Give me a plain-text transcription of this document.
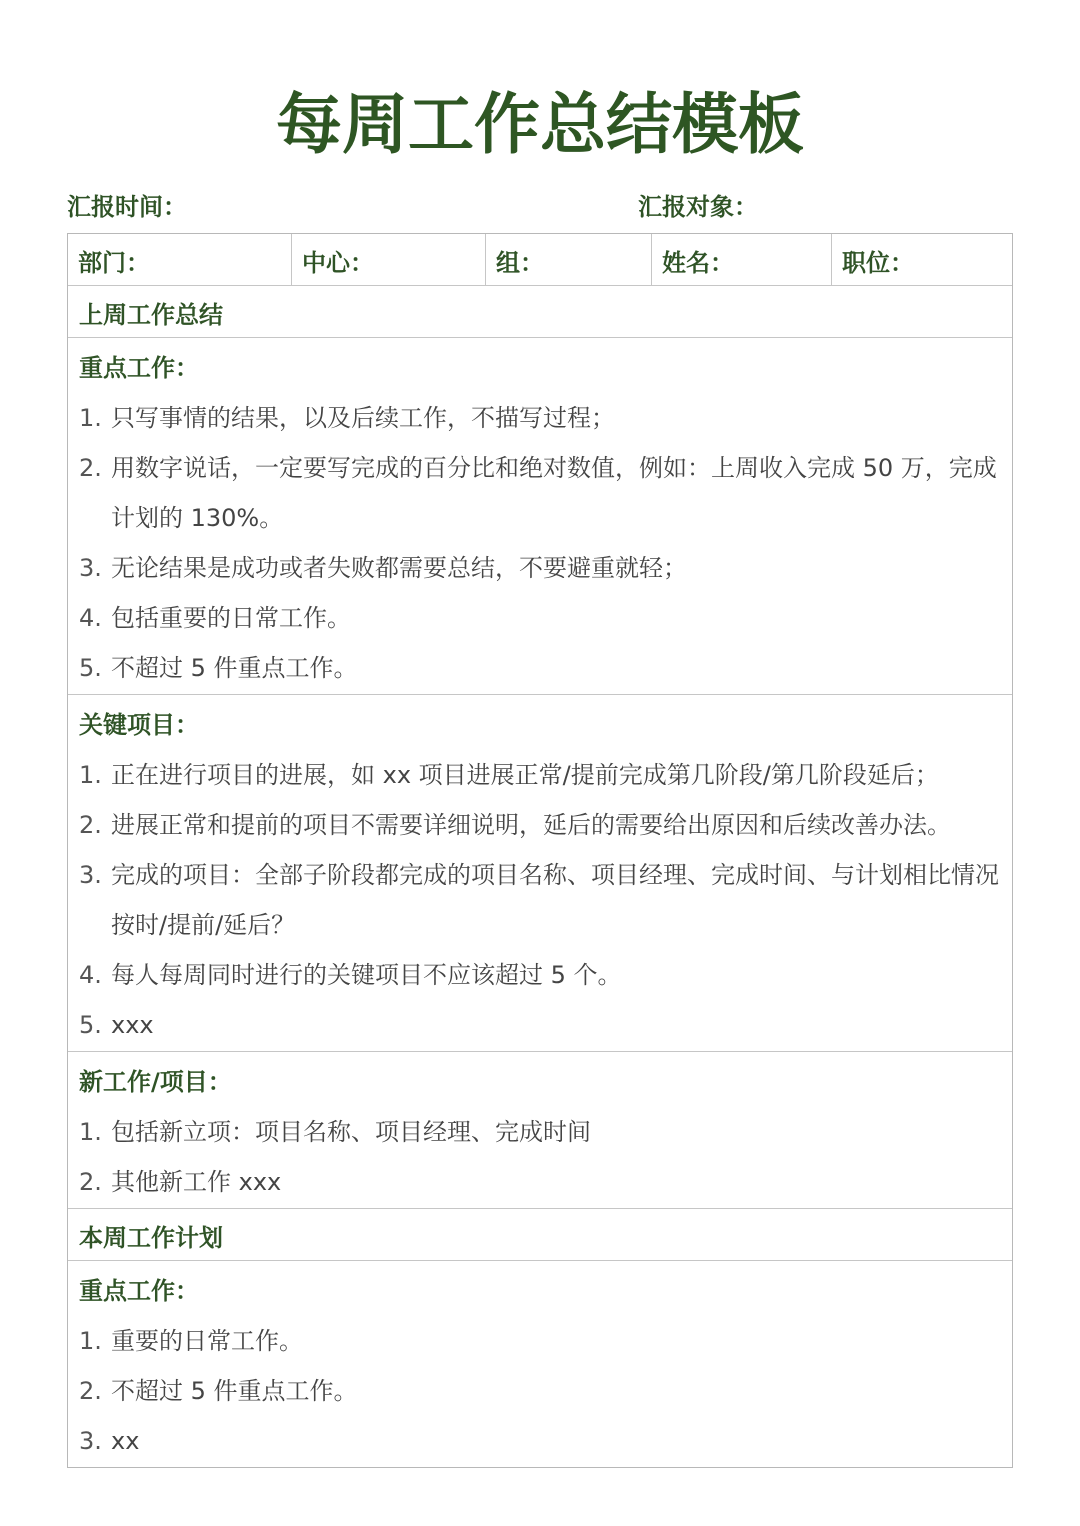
每周工作总结模板
汇报时间：	汇报对象：
部门：	中心：	组：	姓名：	职位：
上周工作总结
重点工作：
1. 只写事情的结果，以及后续工作，不描写过程；
2. 用数字说话，一定要写完成的百分比和绝对数值，例如：上周收入完成 50 万，完成计划的 130%。
3. 无论结果是成功或者失败都需要总结，不要避重就轻；
4. 包括重要的日常工作。
5. 不超过 5 件重点工作。
关键项目：
1. 正在进行项目的进展，如 xx 项目进展正常/提前完成第几阶段/第几阶段延后；
2. 进展正常和提前的项目不需要详细说明，延后的需要给出原因和后续改善办法。
3. 完成的项目：全部子阶段都完成的项目名称、项目经理、完成时间、与计划相比情况按时/提前/延后？
4. 每人每周同时进行的关键项目不应该超过 5 个。
5. xxx
新工作/项目：
1. 包括新立项：项目名称、项目经理、完成时间
2. 其他新工作 xxx
本周工作计划
重点工作：
1. 重要的日常工作。
2. 不超过 5 件重点工作。
3. xx
